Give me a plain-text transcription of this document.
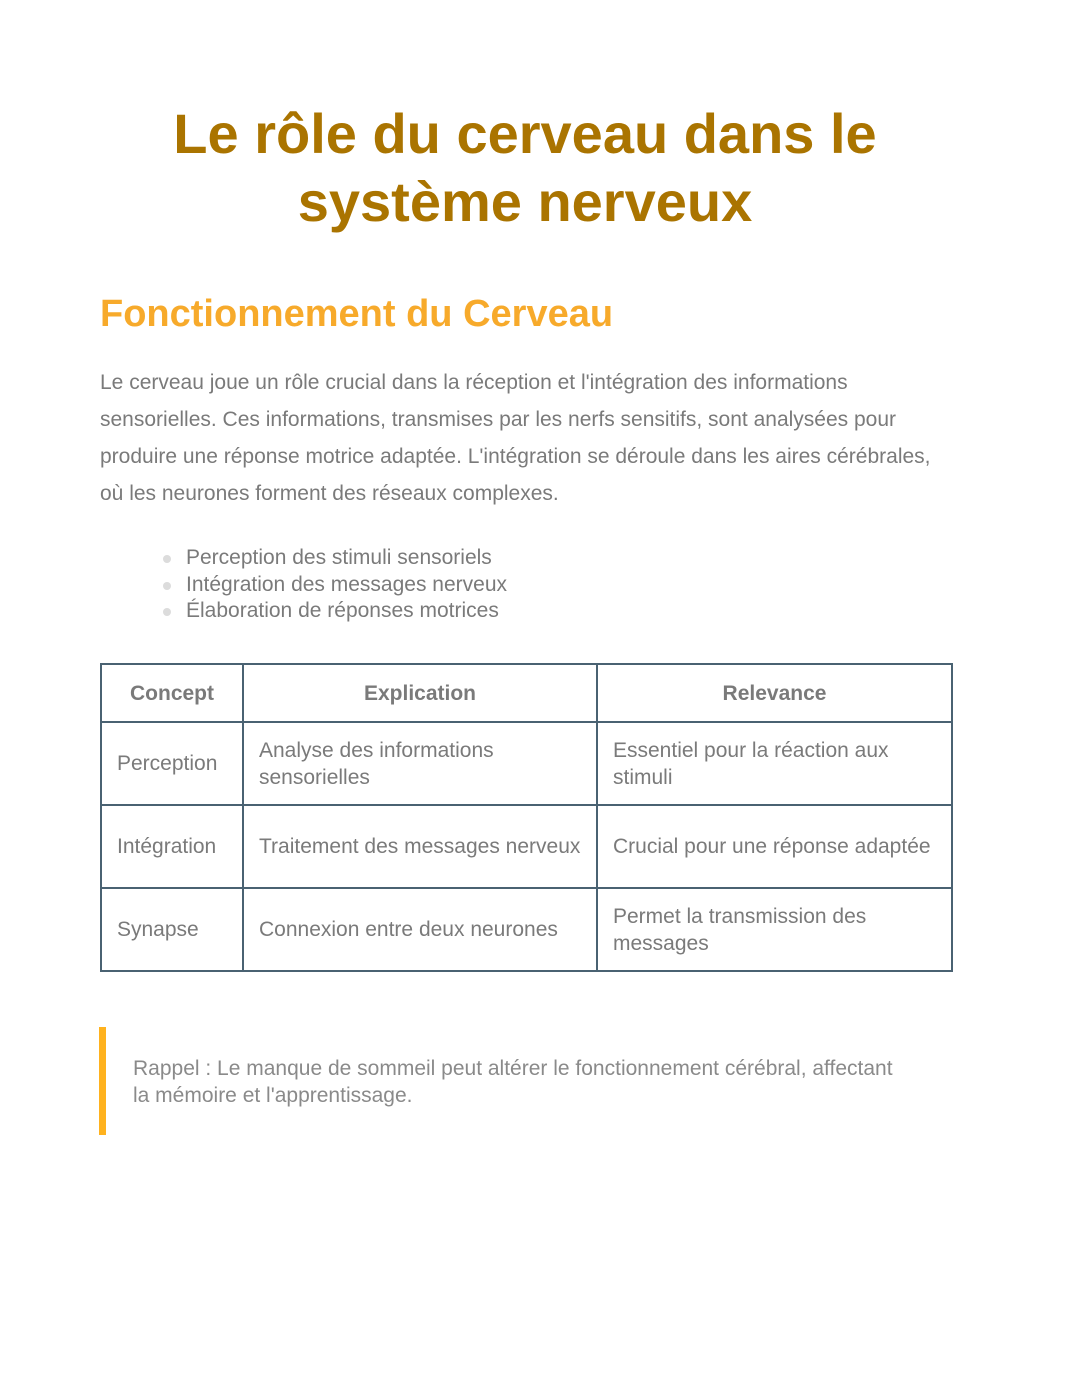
Le rôle du cerveau dans le système nerveux
Fonctionnement du Cerveau

Le cerveau joue un rôle crucial dans la réception et l'intégration des informations sensorielles. Ces informations, transmises par les nerfs sensitifs, sont analysées pour produire une réponse motrice adaptée. L'intégration se déroule dans les aires cérébrales, où les neurones forment des réseaux complexes.

Perception des stimuli sensoriels
Intégration des messages nerveux
Élaboration de réponses motrices
Concept	Explication	Relevance
Perception	Analyse des informations sensorielles	Essentiel pour la réaction aux stimuli
Intégration	Traitement des messages nerveux	Crucial pour une réponse adaptée
Synapse	Connexion entre deux neurones	Permet la transmission des messages

Rappel : Le manque de sommeil peut altérer le fonctionnement cérébral, affectant la mémoire et l'apprentissage.
